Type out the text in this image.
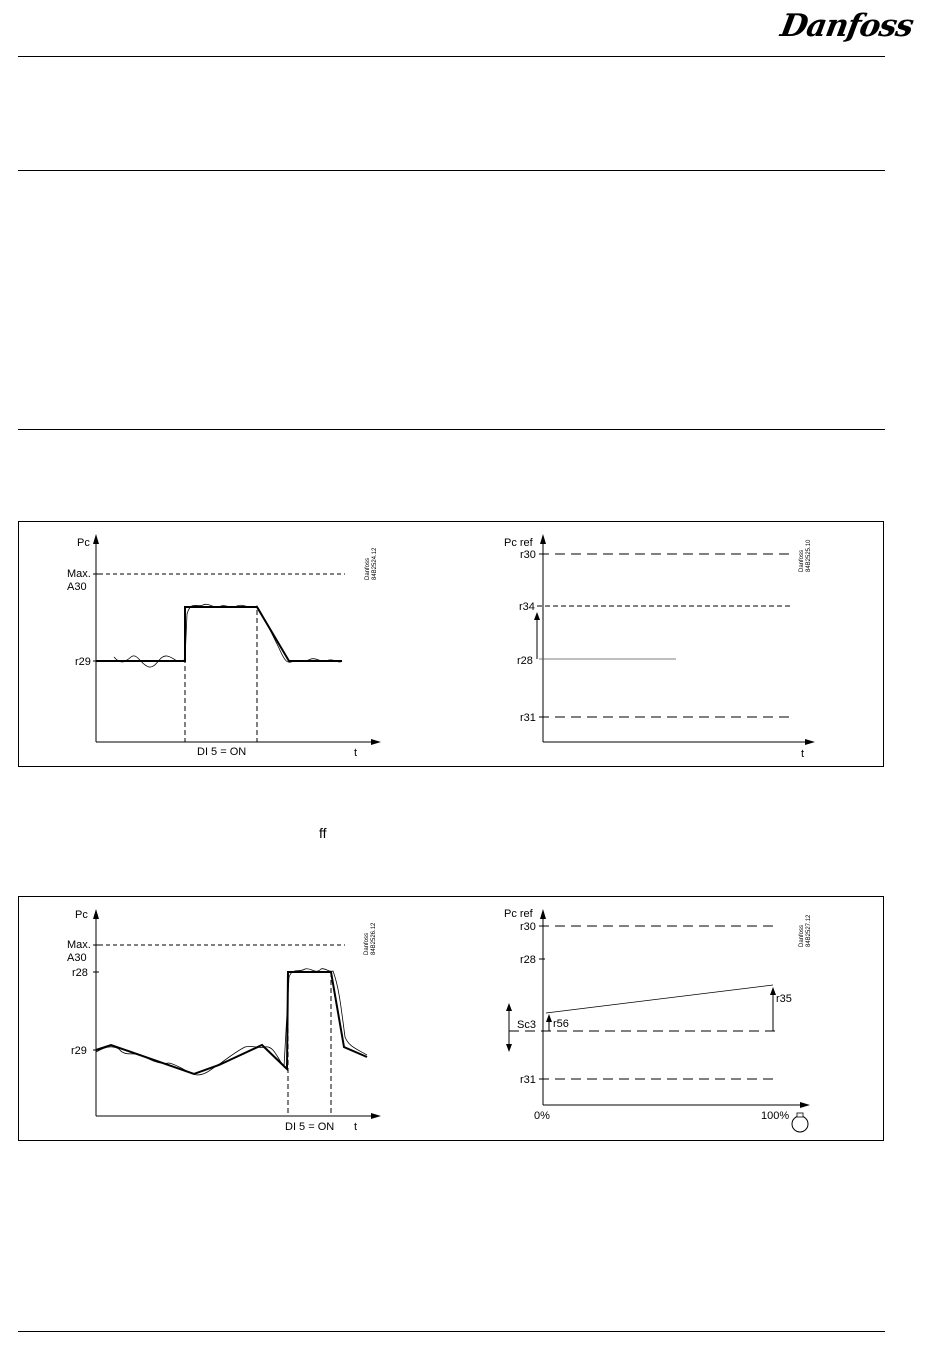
Danfoss
Pc
t
Max.
A30
r29
DI 5 = ON
Danfoss 84B2524.12
Pc ref
t
r30
r34
r28
r31
Danfoss 84B2525.10
ff
Pc
t
Max.
A30
r28
r29
DI 5 = ON
Danfoss 84B2526.12
Pc ref
r30
r28
r31
Sc3 r56
r35
0%	100%
Danfoss 84B2527.12
